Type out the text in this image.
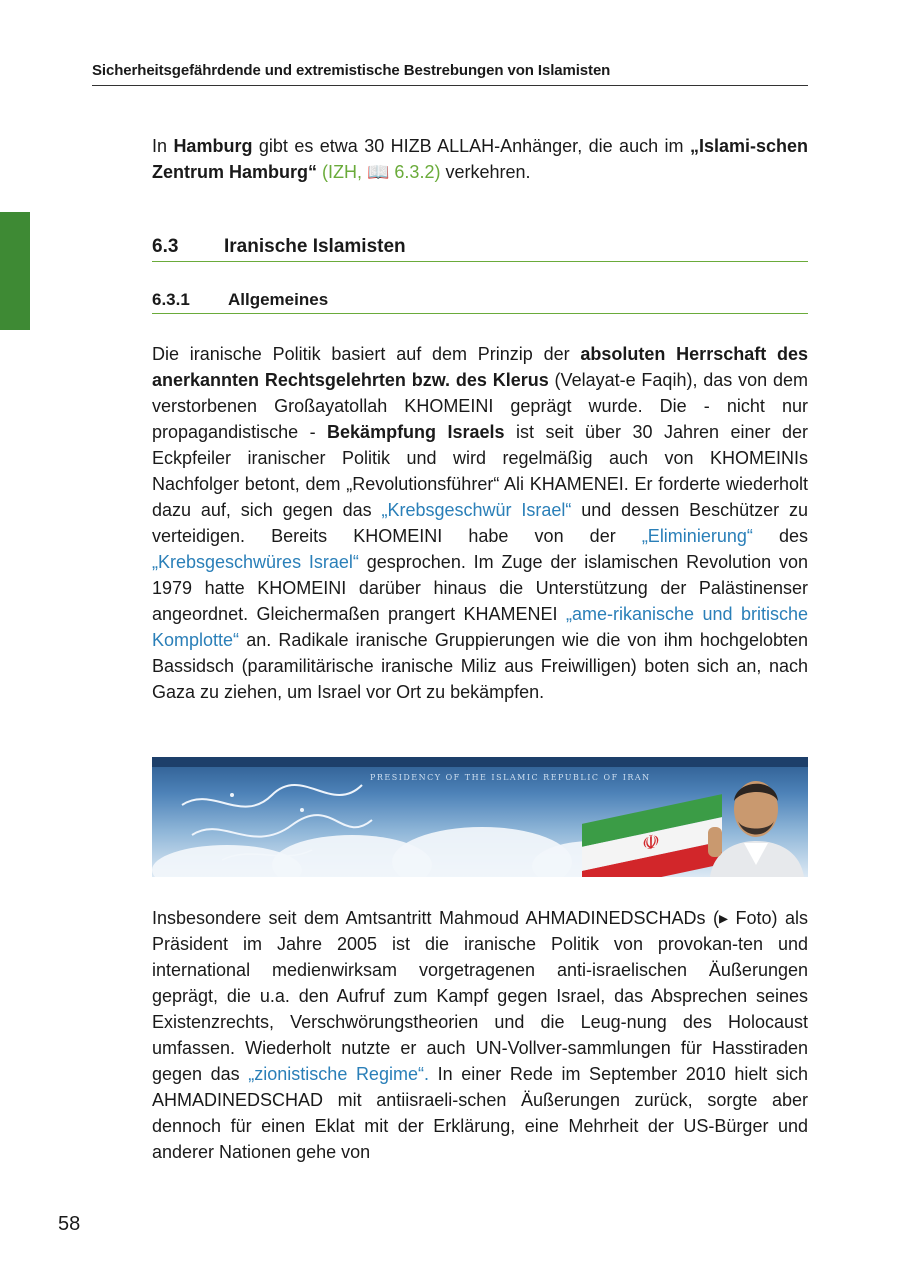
Sicherheitsgefährdende und extremistische Bestrebungen von Islamisten

In Hamburg gibt es etwa 30 HIZB ALLAH-Anhänger, die auch im „Islami-schen Zentrum Hamburg“ (IZH, 📖 6.3.2) verkehren.

6.3	Iranische Islamisten
6.3.1	Allgemeines

Die iranische Politik basiert auf dem Prinzip der absoluten Herrschaft des anerkannten Rechtsgelehrten bzw. des Klerus (Velayat-e Faqih), das von dem verstorbenen Großayatollah KHOMEINI geprägt wurde. Die - nicht nur propagandistische - Bekämpfung Israels ist seit über 30 Jahren einer der Eckpfeiler iranischer Politik und wird regelmäßig auch von KHOMEINIs Nachfolger betont, dem „Revolutionsführer“ Ali KHAMENEI. Er forderte wiederholt dazu auf, sich gegen das „Krebsgeschwür Israel“ und dessen Beschützer zu verteidigen. Bereits KHOMEINI habe von der „Eliminierung“ des „Krebsgeschwüres Israel“ gesprochen. Im Zuge der islamischen Revolution von 1979 hatte KHOMEINI darüber hinaus die Unterstützung der Palästinenser angeordnet. Gleichermaßen prangert KHAMENEI „ame-rikanische und britische Komplotte“ an. Radikale iranische Gruppierungen wie die von ihm hochgelobten Bassidsch (paramilitärische iranische Miliz aus Freiwilligen) boten sich an, nach Gaza zu ziehen, um Israel vor Ort zu bekämpfen.

PRESIDENCY OF THE ISLAMIC REPUBLIC OF IRAN
☫

Insbesondere seit dem Amtsantritt Mahmoud AHMADINEDSCHADs (▸ Foto) als Präsident im Jahre 2005 ist die iranische Politik von provokan-ten und international medienwirksam vorgetragenen anti-israelischen Äußerungen geprägt, die u.a. den Aufruf zum Kampf gegen Israel, das Absprechen seines Existenzrechts, Verschwörungstheorien und die Leug-nung des Holocaust umfassen. Wiederholt nutzte er auch UN-Vollver-sammlungen für Hasstiraden gegen das „zionistische Regime“. In einer Rede im September 2010 hielt sich AHMADINEDSCHAD mit antiisraeli-schen Äußerungen zurück, sorgte aber dennoch für einen Eklat mit der Erklärung, eine Mehrheit der US-Bürger und anderer Nationen gehe von

58
